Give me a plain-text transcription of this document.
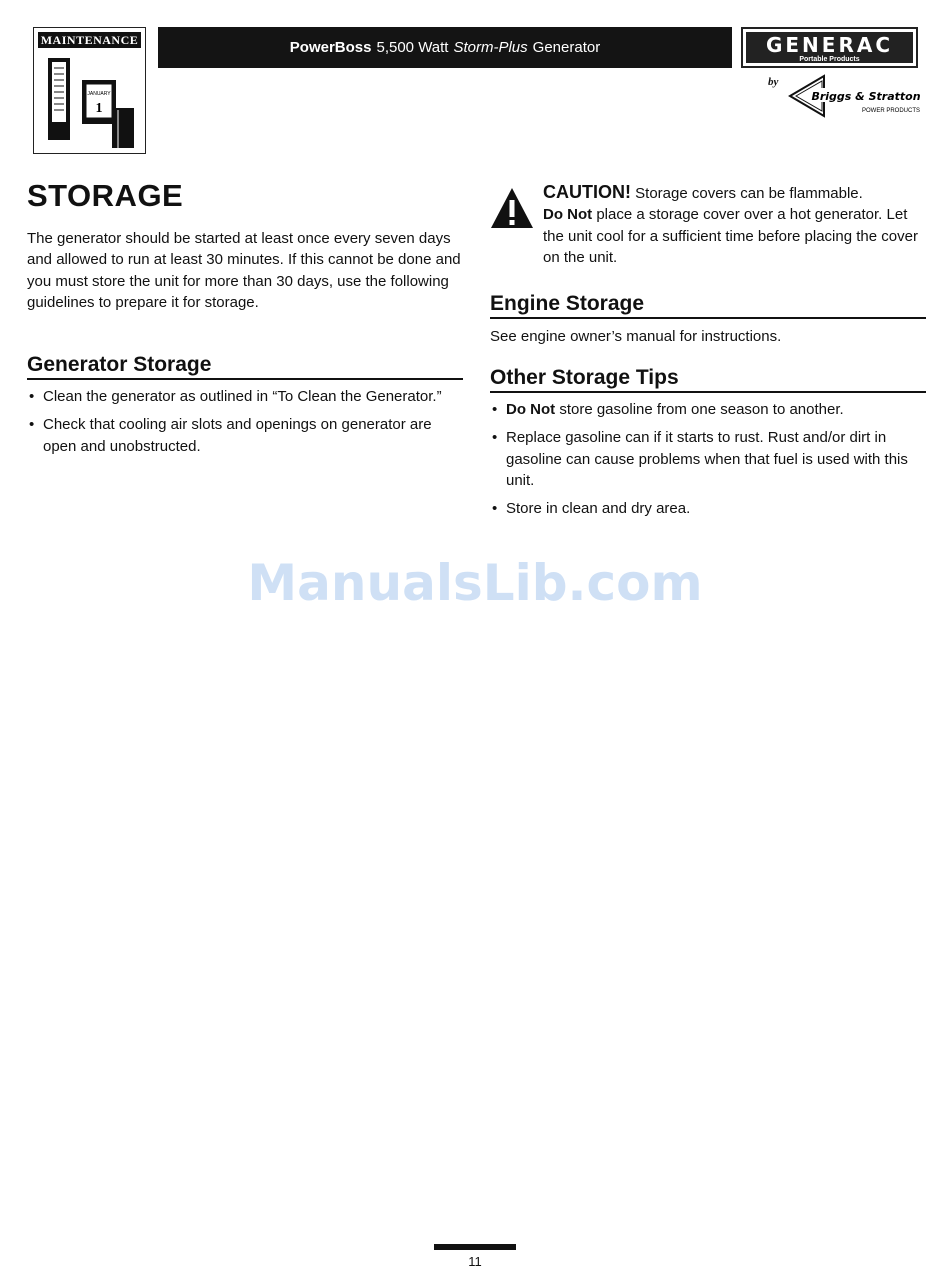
MAINTENANCE
JANUARY
1
PowerBoss 5,500 Watt Storm-Plus Generator	GENERAC
Portable Products
by
Briggs & Stratton
POWER PRODUCTS
STORAGE
The generator should be started at least once every seven days and allowed to run at least 30 minutes. If this cannot be done and you must store the unit for more than 30 days, use the following guidelines to prepare it for storage.
Generator Storage
• Clean the generator as outlined in “To Clean the Generator.”
• Check that cooling air slots and openings on generator are open and unobstructed.
CAUTION! Storage covers can be flammable.
Do Not place a storage cover over a hot generator. Let the unit cool for a sufficient time before placing the cover on the unit.
Engine Storage
See engine owner’s manual for instructions.
Other Storage Tips
• Do Not store gasoline from one season to another.
• Replace gasoline can if it starts to rust. Rust and/or dirt in gasoline can cause problems when that fuel is used with this unit.
• Store in clean and dry area.
ManualsLib.com
11
